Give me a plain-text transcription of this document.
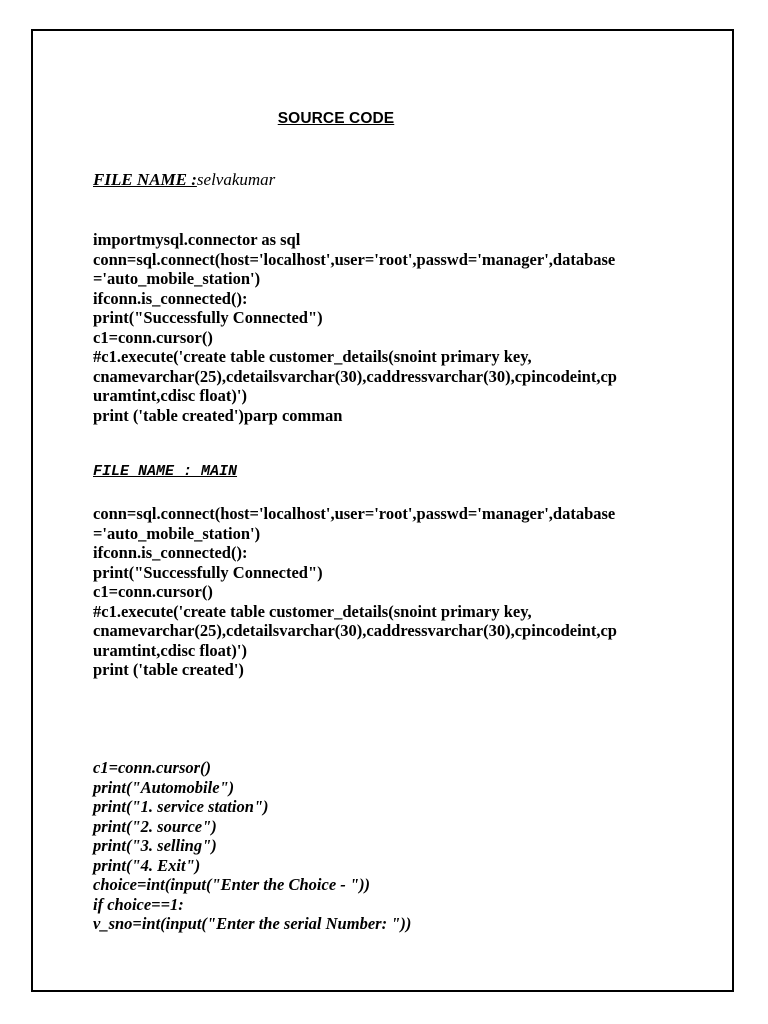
SOURCE CODE
FILE NAME :selvakumar
importmysql.connector as sql
conn=sql.connect(host='localhost',user='root',passwd='manager',database
='auto_mobile_station')
ifconn.is_connected():
print("Successfully Connected")
c1=conn.cursor()
#c1.execute('create table customer_details(snoint primary key,
cnamevarchar(25),cdetailsvarchar(30),caddressvarchar(30),cpincodeint,cp
uramtint,cdisc float)')
print ('table created')parp comman
FILE NAME : MAIN
conn=sql.connect(host='localhost',user='root',passwd='manager',database
='auto_mobile_station')
ifconn.is_connected():
print("Successfully Connected")
c1=conn.cursor()
#c1.execute('create table customer_details(snoint primary key,
cnamevarchar(25),cdetailsvarchar(30),caddressvarchar(30),cpincodeint,cp
uramtint,cdisc float)')
print ('table created')
c1=conn.cursor()
print("Automobile")
print("1. service station")
print("2. source")
print("3. selling")
print("4. Exit")
choice=int(input("Enter the Choice - "))
if choice==1:
v_sno=int(input("Enter the serial Number: "))
